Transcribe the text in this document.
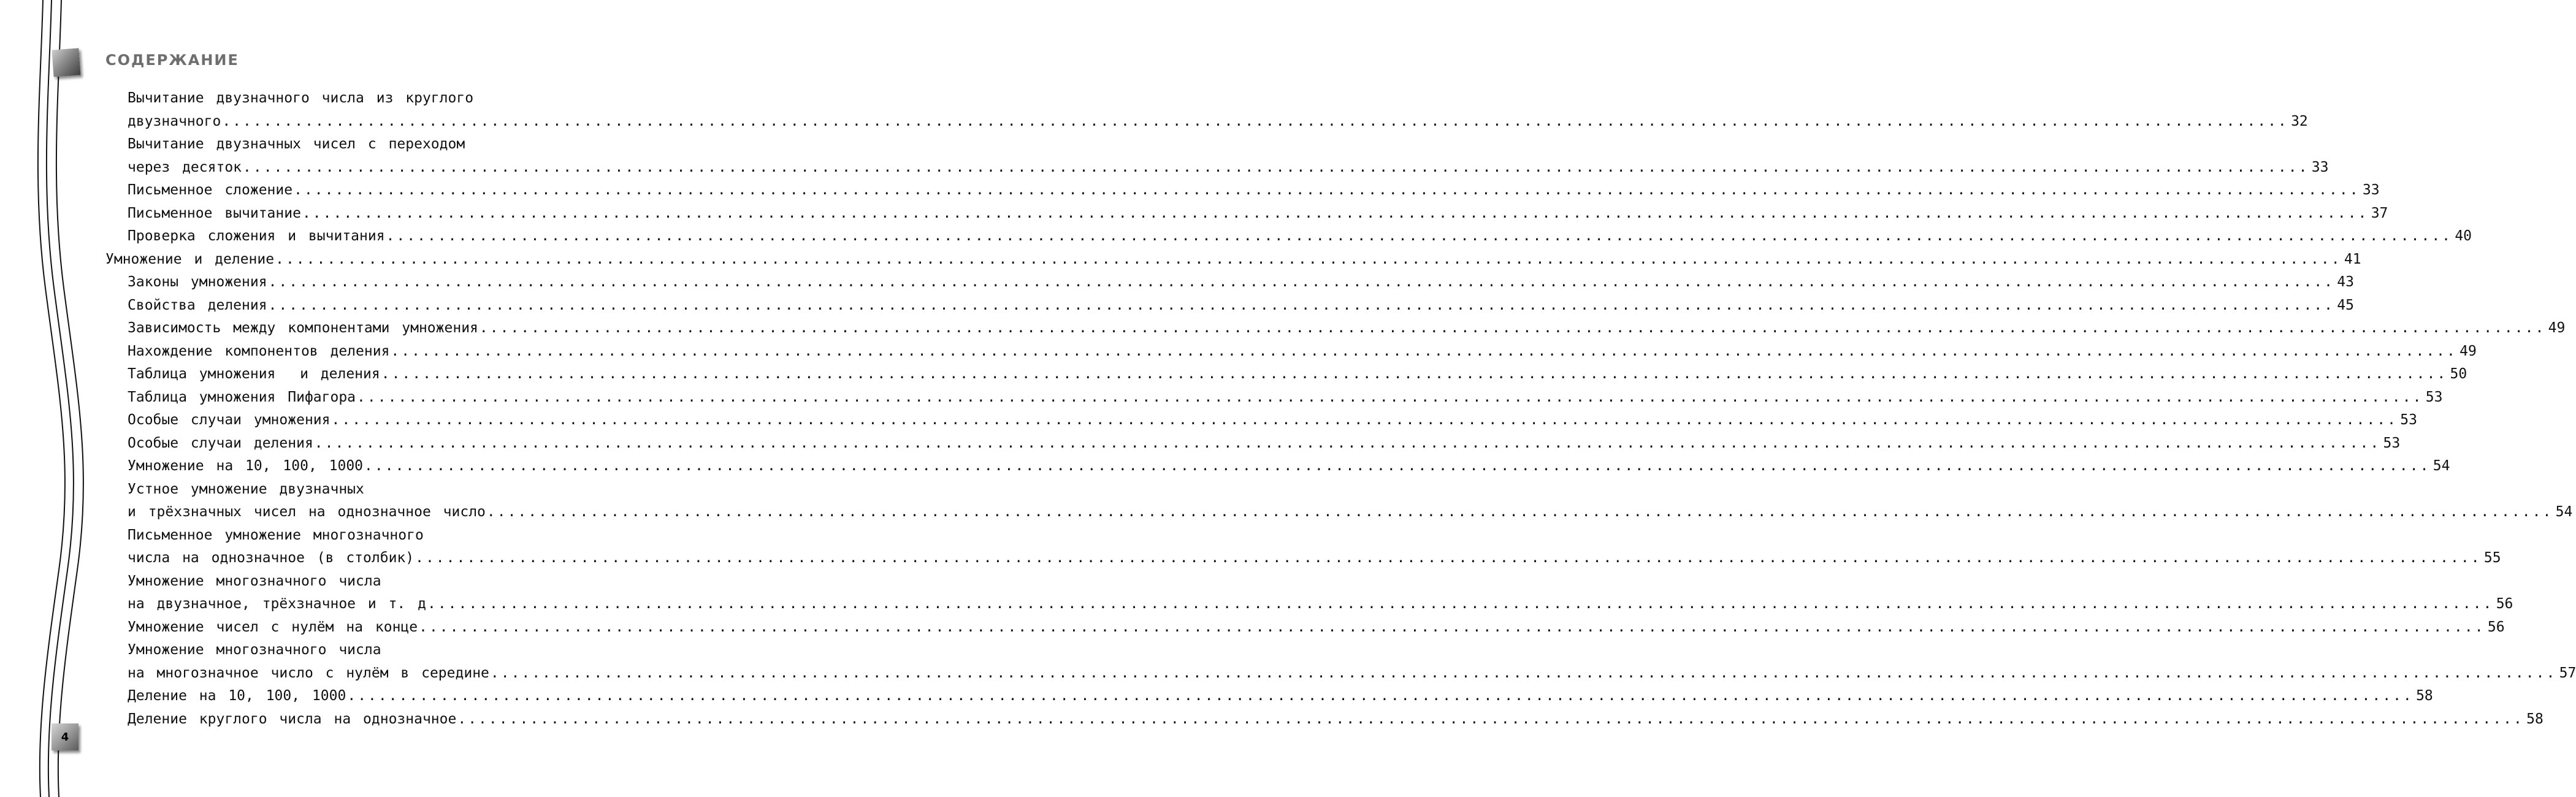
СОДЕРЖАНИЕ
Вычитание двузначного числа из круглого
двузначного ........................................................................................................................................................................................................ 32
Вычитание двузначных чисел с переходом
через десяток ........................................................................................................................................................................................................ 33
Письменное сложение ........................................................................................................................................................................................................ 33
Письменное вычитание ........................................................................................................................................................................................................ 37
Проверка сложения и вычитания ........................................................................................................................................................................................................ 40
Умножение и деление ........................................................................................................................................................................................................ 41
Законы умножения ........................................................................................................................................................................................................ 43
Свойства деления ........................................................................................................................................................................................................ 45
Зависимость между компонентами умножения ........................................................................................................................................................................................................ 49
Нахождение компонентов деления ........................................................................................................................................................................................................ 49
Таблица умножения  и деления ........................................................................................................................................................................................................ 50
Таблица умножения Пифагора ........................................................................................................................................................................................................ 53
Особые случаи умножения ........................................................................................................................................................................................................ 53
Особые случаи деления ........................................................................................................................................................................................................ 53
Умножение на 10, 100, 1000 ........................................................................................................................................................................................................ 54
Устное умножение двузначных
и трёхзначных чисел на однозначное число ........................................................................................................................................................................................................ 54
Письменное умножение многозначного
числа на однозначное (в столбик) ........................................................................................................................................................................................................ 55
Умножение многозначного числа
на двузначное, трёхзначное и т. д ........................................................................................................................................................................................................ 56
Умножение чисел с нулём на конце ........................................................................................................................................................................................................ 56
Умножение многозначного числа
на многозначное число с нулём в середине ........................................................................................................................................................................................................ 57
Деление на 10, 100, 1000 ........................................................................................................................................................................................................ 58
Деление круглого числа на однозначное ........................................................................................................................................................................................................ 58
4
